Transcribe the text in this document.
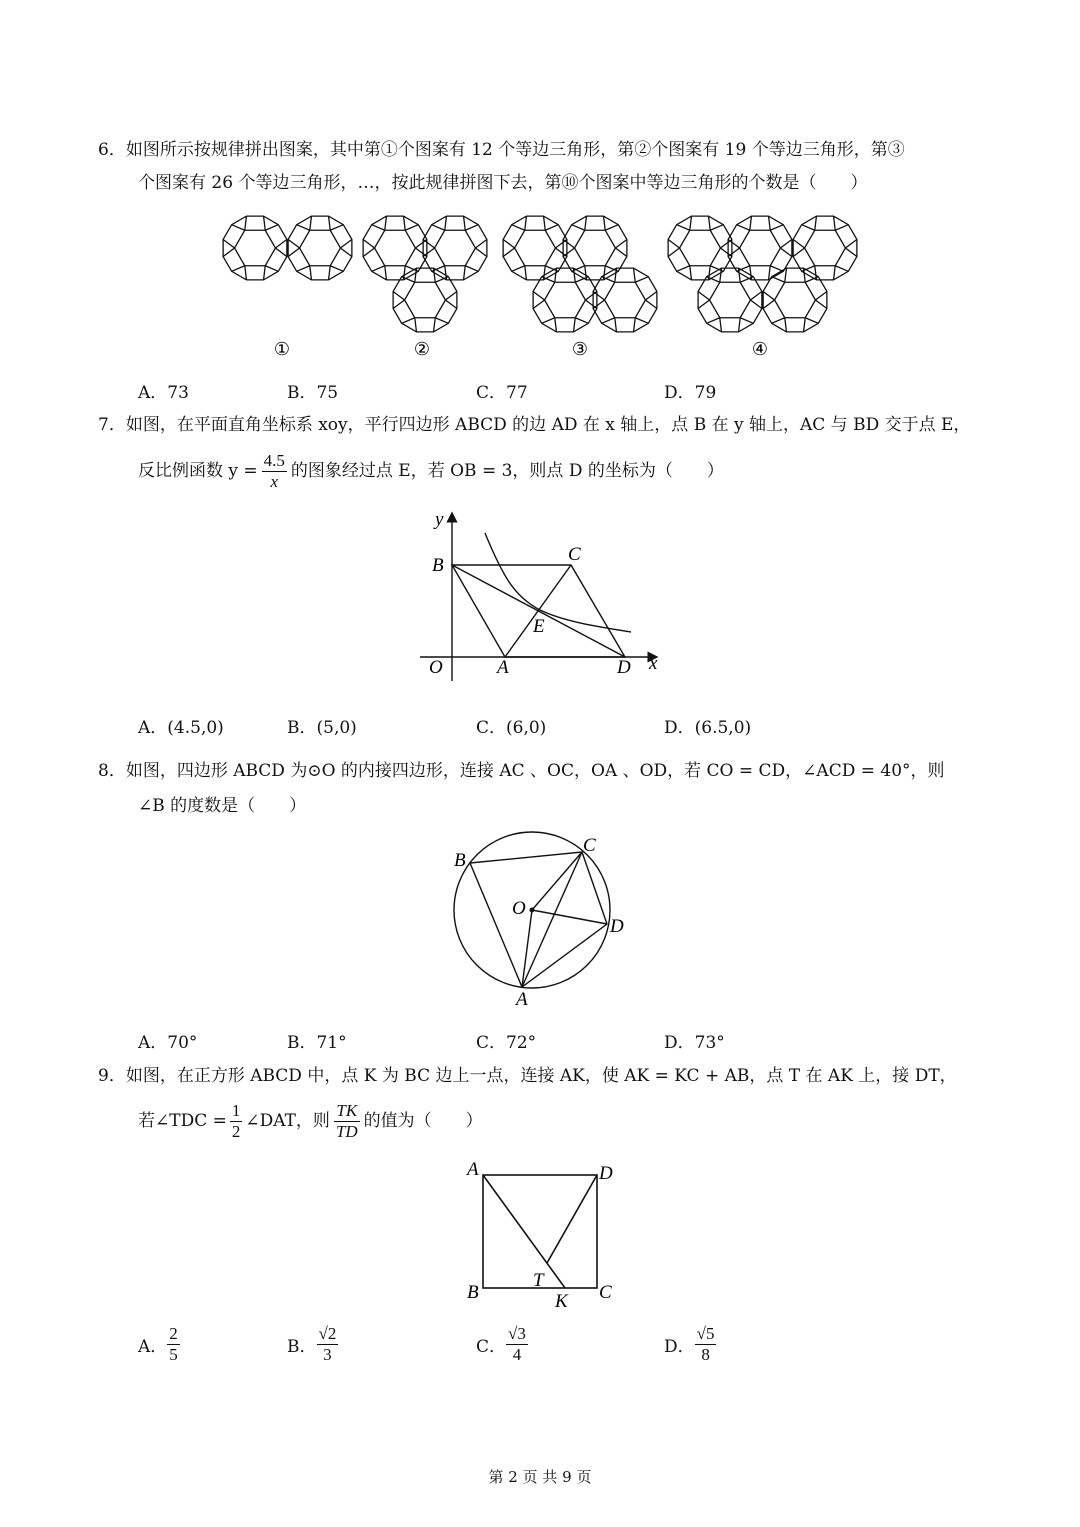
6．如图所示按规律拼出图案，其中第①个图案有 12 个等边三角形，第②个图案有 19 个等边三角形，第③
个图案有 26 个等边三角形，…，按此规律拼图下去，第⑩个图案中等边三角形的个数是（　　）
①	②	③	④
A．73	B．75	C．77	D．79
7．如图，在平面直角坐标系 xoy，平行四边形 ABCD 的边 AD 在 x 轴上，点 B 在 y 轴上，AC 与 BD 交于点 E，
反比例函数 $y = \frac{4.5}{x}$ 的图象经过点 E，若 OB = 3，则点 D 的坐标为（　　）
y
x
O	A
B
C
D
E
A．(4.5,0)	B．(5,0)	C．(6,0)	D．(6.5,0)
8．如图，四边形 ABCD 为⊙O 的内接四边形，连接 AC 、OC，OA 、OD，若 CO = CD，∠ACD = 40°，则
∠B 的度数是（　　）
B
C
D
O
A
A．70°	B．71°	C．72°	D．73°
9．如图，在正方形 ABCD 中，点 K 为 BC 边上一点，连接 AK，使 AK = KC + AB，点 T 在 AK 上，接 DT，
若∠TDC = $\frac{1}{2}$ ∠DAT，则 $\frac{TK}{TD}$ 的值为（　　）
A	D
B	C
T
K
A． $\frac{2}{5}$	B． $\frac{√2}{3}$	C． $\frac{√3}{4}$	D． $\frac{√5}{8}$
第 2 页 共 9 页
